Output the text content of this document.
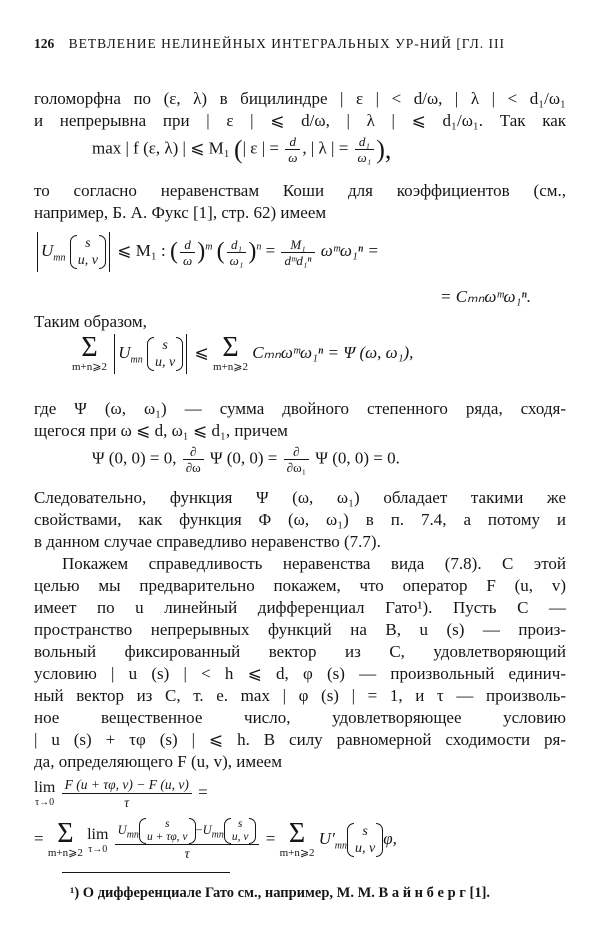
126 ВЕТВЛЕНИЕ НЕЛИНЕЙНЫХ ИНТЕГРАЛЬНЫХ УР-НИЙ [ГЛ. III
голоморфна по (ε, λ) в бицилиндре | ε | < d/ω, | λ | < d₁/ω₁
и непрерывна при | ε | ⩽ d/ω, | λ | ⩽ d₁/ω₁. Так как
max | f (ε, λ) | ⩽ M₁ (| ε | = $\frac{d}{\omega}$ , | λ | = $\frac{\text{d₁}}{\text{ω₁}}$ ),
то согласно неравенствам Коши для коэффициентов (см.,
например, Б. А. Фукс [1], стр. 62) имеем
$U_{mn}$
s
u, v
⩽ M₁ : ( $\frac{d}{\omega} )^m$ ( $\frac{\text{d₁}}{\text{ω₁}} )^n = \frac{\text{M₁}}{\text{dᵐd₁ⁿ}}$ ωᵐω₁ⁿ =
= Cₘₙωᵐω₁ⁿ.
Таким образом,
Σ
m+n⩾2
$U_{mn}$
s
u, v
⩽ Σ
m+n⩾2
Cₘₙωᵐω₁ⁿ = Ψ (ω, ω₁),
где Ψ (ω, ω₁) — сумма двойного степенного ряда, сходя-
щегося при ω ⩽ d, ω₁ ⩽ d₁, причем
Ψ (0, 0) = 0, $\frac{\partial}{\partial\omega}$ Ψ (0, $0) = \frac{\partial}{\text{∂ω₁}}$ Ψ (0, 0) = 0.
Следовательно, функция Ψ (ω, ω₁) обладает такими же
свойствами, как функция Φ (ω, ω₁) в п. 7.4, а потому и
в данном случае справедливо неравенство (7.7).
Покажем справедливость неравенства вида (7.8). С этой
целью мы предварительно покажем, что оператор F (u, v)
имеет по u линейный дифференциал Гато¹). Пусть C —
пространство непрерывных функций на B, u (s) — произ-
вольный фиксированный вектор из C, удовлетворяющий
условию | u (s) | < h ⩽ d, φ (s) — произвольный единич-
ный вектор из C, т. е. max | φ (s) | = 1, и τ — произволь-
ное вещественное число, удовлетворяющее условию
| u (s) + τφ (s) | ⩽ h. В силу равномерной сходимости ря-
да, определяющего F (u, v), имеем
lim
τ→0
$\frac{F (u + \tau\varphi, v) - F (u, v)}{\tau}$ =
= Σ
m+n⩾2

lim
τ→0
$U_{mn}$
s
u + τφ, v
$-U_{mn}$
s
u, v
τ = Σ
m+n⩾2
$U'_{mn}$
s
u, v
φ,
¹) О дифференциале Гато см., например, М. М. В а й н б е р г [1].
